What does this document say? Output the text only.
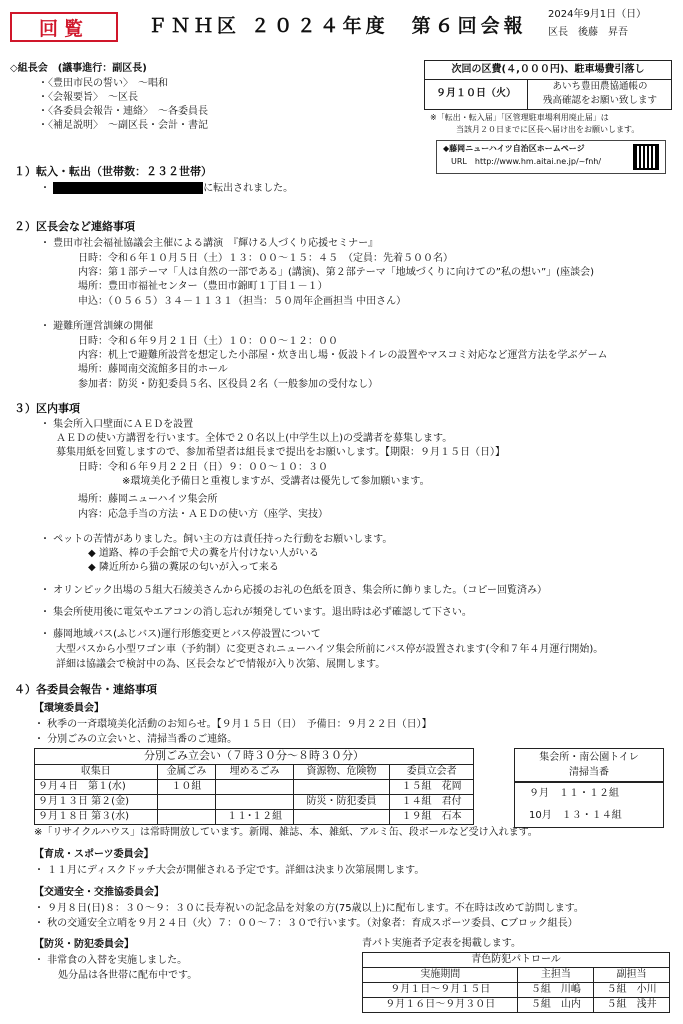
回覧	ＦＮＨ区 ２０２４年度　第６回会報
2024年9月1日（日）
区長　後藤　昇吾
次回の区費(４,０００円)、駐車場費引落し
９月１０日（火）
あいち豊田農協通帳の
残高確認をお願い致します
※「転出・転入届」「区管理駐車場利用廃止届」は
当該月２０日までに区長へ届け出をお願いします。
◆藤岡ニューハイツ自治区ホームページ
URL　http://www.hm.aitai.ne.jp/~fnh/
◇組長会　(議事進行：副区長)
・〈豊田市民の誓い〉　～唱和
・〈会報要旨〉　～区長
・〈各委員会報告・連絡〉　～各委員長
・〈補足説明〉　～副区長・会計・書記
１）転入・転出（世帯数：２３２世帯）
・	に転出されました。
２）区長会など連絡事項
・ 豊田市社会福祉協議会主催による講演　『輝ける人づくり応援セミナー』
日時：令和６年１０月５日（土）１３：００～１５：４５　（定員：先着５００名）
内容：第１部テーマ「人は自然の一部である」(講演)、第２部テーマ「地域づくりに向けての”私の想い”」(座談会)
場所：豊田市福祉センター（豊田市錦町１丁目１－１）
申込：（０５６５）３４－１１３１（担当：５０周年企画担当 中田さん）
・ 避難所運営訓練の開催
日時：令和６年９月２１日（土）１０：００～１２：００
内容：机上で避難所設営を想定した小部屋・炊き出し場・仮設トイレの設置やマスコミ対応など運営方法を学ぶゲーム
場所：藤岡南交流館多目的ホール
参加者：防災・防犯委員５名、区役員２名（一般参加の受付なし）
３）区内事項
・ 集会所入口壁面にＡＥＤを設置
ＡＥＤの使い方講習を行います。全体で２０名以上(中学生以上)の受講者を募集します。
募集用紙を回覧しますので、参加希望者は組長まで提出をお願いします。【期限：９月１５日（日）】
日時：令和６年９月２２日（日）９：００～１０：３０
※環境美化予備日と重複しますが、受講者は優先して参加願います。
場所：藤岡ニューハイツ集会所
内容：応急手当の方法・ＡＥＤの使い方（座学、実技）
・ ペットの苦情がありました。飼い主の方は責任持った行動をお願いします。
◆ 道路、棒の手会館で犬の糞を片付けない人がいる
◆ 隣近所から猫の糞尿の匂いが入って来る
・ オリンピック出場の５組大石綾美さんから応援のお礼の色紙を頂き、集会所に飾りました。（コピー回覧済み）
・ 集会所使用後に電気やエアコンの消し忘れが頻発しています。退出時は必ず確認して下さい。
・ 藤岡地域バス(ふじバス)運行形態変更とバス停設置について
大型バスから小型ワゴン車（予約制）に変更されニューハイツ集会所前にバス停が設置されます(令和７年４月運行開始)。
詳細は協議会で検討中の為、区長会などで情報が入り次第、展開します。
４）各委員会報告・連絡事項
【環境委員会】
・ 秋季の一斉環境美化活動のお知らせ。【９月１５日（日）　予備日：９月２２日（日）】
・ 分別ごみの立会いと、清掃当番のご連絡。
分別ごみ立会い（７時３０分～８時３０分）				
収集日	金属ごみ	埋めるごみ	資源物、危険物	委員立会者
９月４日　第１(水)	１０組			１５組　花岡
９月１３日 第２(金)			防災・防犯委員	１４組　君付
９月１８日 第３(水)		１１･１２組		１９組　石本
集会所・南公園トイレ
清掃当番

９月　１１・１２組
10月　１３・１４組
※「リサイクルハウス」は常時開放しています。新聞、雑誌、本、雑紙、アルミ缶、段ボールなど受け入れます。
【育成・スポーツ委員会】
・ １１月にディスクドッチ大会が開催される予定です。詳細は決まり次第展開します。
【交通安全・交推協委員会】
・ ９月８日(日)８：３０～９：３０に長寿祝いの記念品を対象の方(75歳以上)に配布します。不在時は改めて訪問します。
・ 秋の交通安全立哨を９月２４日（火）７：００～７：３０で行います。（対象者：育成スポーツ委員、Cブロック組長）
【防災・防犯委員会】
・ 非常食の入替を実施しました。
処分品は各世帯に配布中です。
青パト実施者予定表を掲載します。
青色防犯パトロール		
実施期間	主担当	副担当
９月１日～９月１５日	５組　川嶋	５組　小川
９月１６日～９月３０日	５組　山内	５組　浅井
